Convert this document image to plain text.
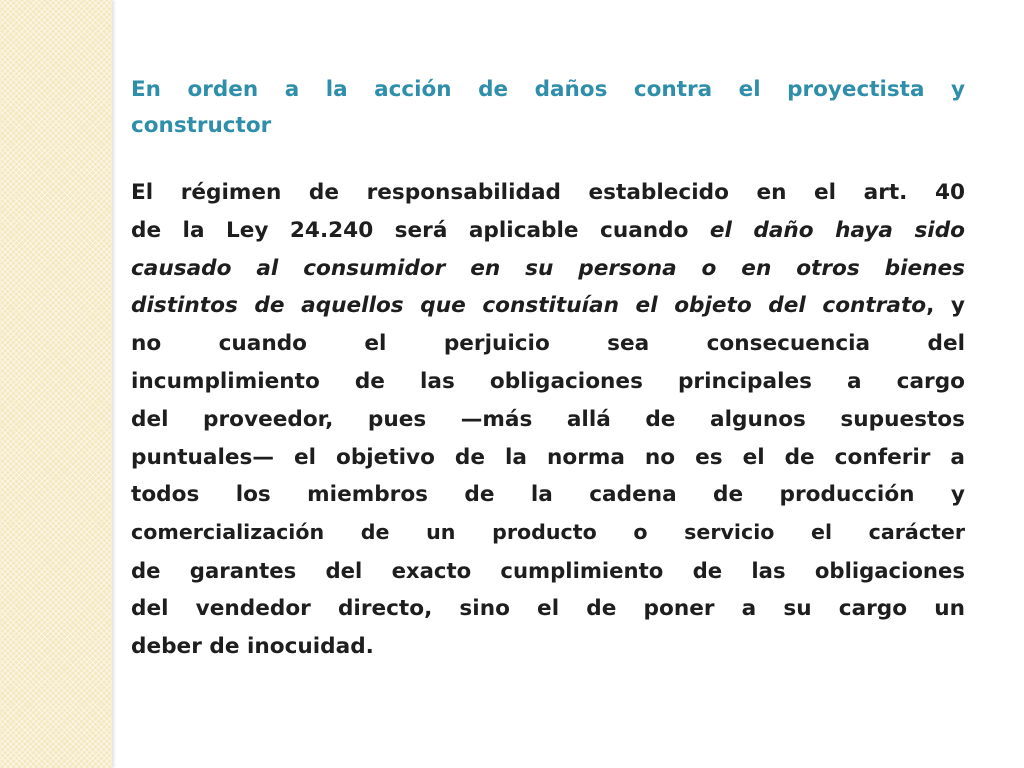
En orden a la acción de daños contra el proyectista y
constructor
El régimen de responsabilidad establecido en el art. 40
de la Ley 24.240 será aplicable cuando el daño haya sido
causado al consumidor en su persona o en otros bienes
distintos de aquellos que constituían el objeto del contrato, y
no cuando el perjuicio sea consecuencia del
incumplimiento de las obligaciones principales a cargo
del proveedor, pues —más allá de algunos supuestos
puntuales— el objetivo de la norma no es el de conferir a
todos los miembros de la cadena de producción y
comercialización de un producto o servicio el carácter
de garantes del exacto cumplimiento de las obligaciones
del vendedor directo, sino el de poner a su cargo un
deber de inocuidad.
